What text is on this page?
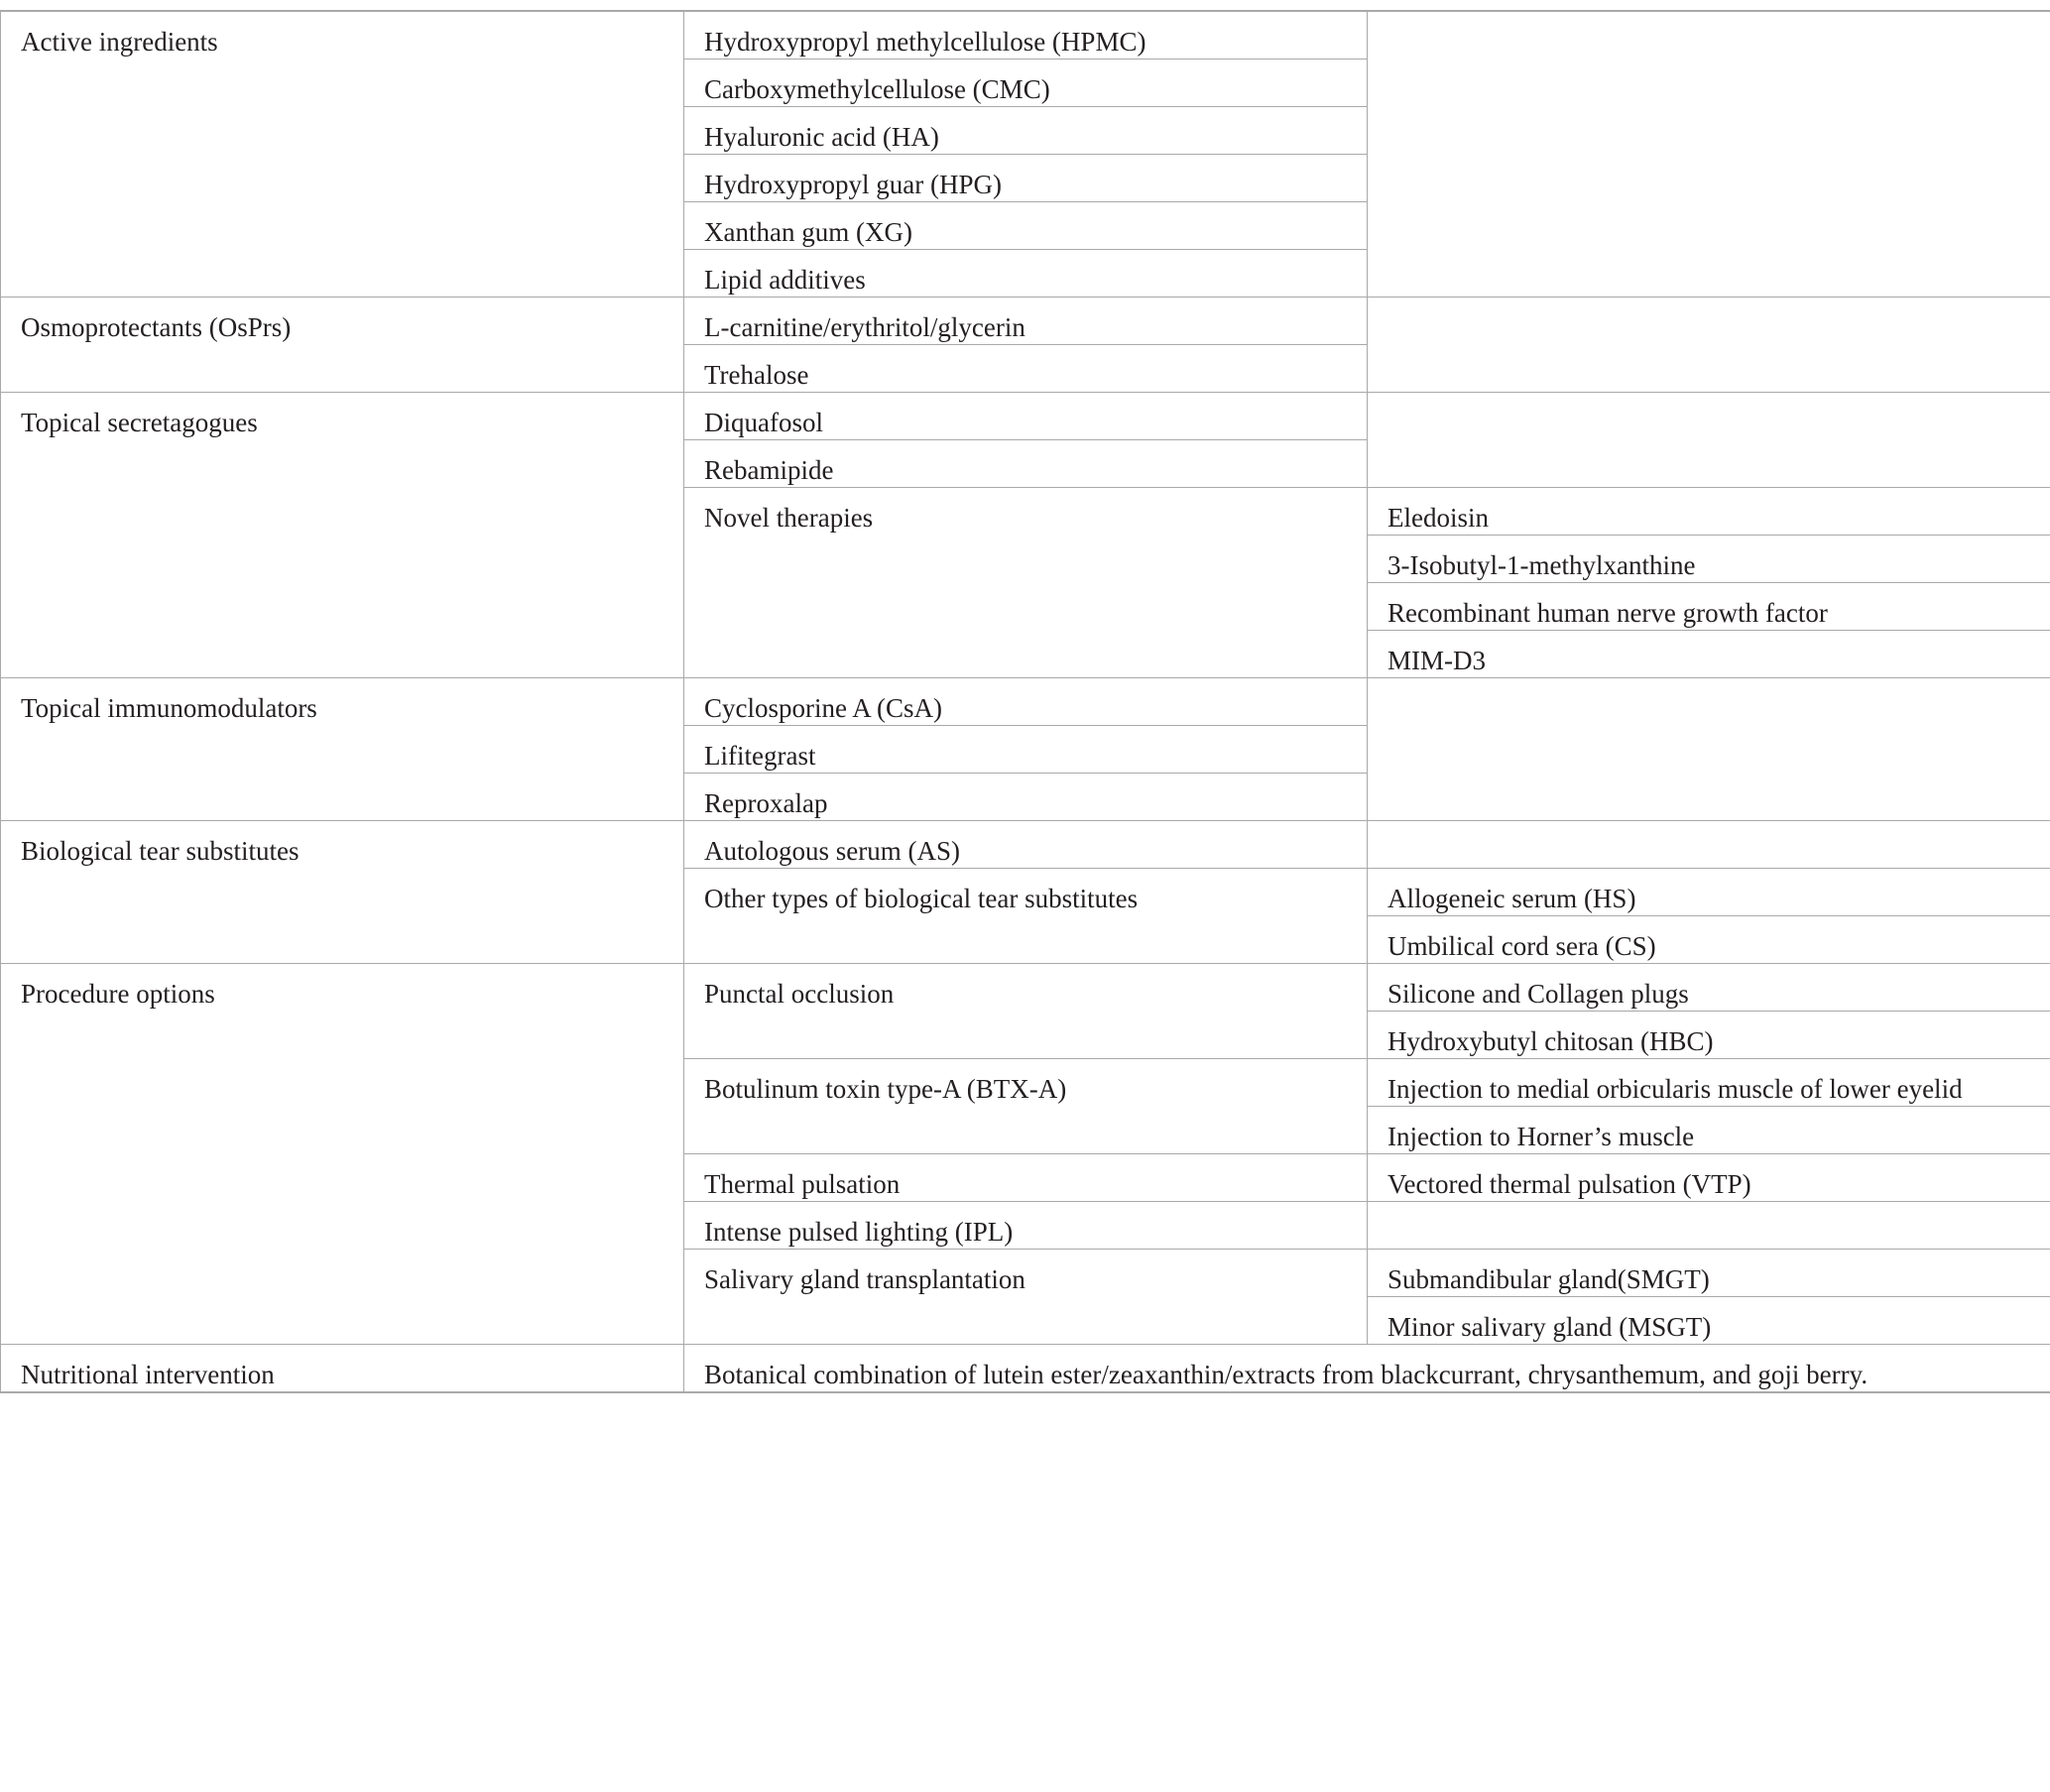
Active ingredients	Hydroxypropyl methylcellulose (HPMC)	
	Carboxymethylcellulose (CMC)	
	Hyaluronic acid (HA)	
	Hydroxypropyl guar (HPG)	
	Xanthan gum (XG)	
	Lipid additives	
Osmoprotectants (OsPrs)	L-carnitine/erythritol/glycerin	
	Trehalose	
Topical secretagogues	Diquafosol	
	Rebamipide	
	Novel therapies	Eledoisin
		3-Isobutyl-1-methylxanthine
		Recombinant human nerve growth factor
		MIM-D3
Topical immunomodulators	Cyclosporine A (CsA)	
	Lifitegrast	
	Reproxalap	
Biological tear substitutes	Autologous serum (AS)	
	Other types of biological tear substitutes	Allogeneic serum (HS)
		Umbilical cord sera (CS)
Procedure options	Punctal occlusion	Silicone and Collagen plugs
		Hydroxybutyl chitosan (HBC)
	Botulinum toxin type-A (BTX-A)	Injection to medial orbicularis muscle of lower eyelid
		Injection to Horner’s muscle
	Thermal pulsation	Vectored thermal pulsation (VTP)
	Intense pulsed lighting (IPL)	
	Salivary gland transplantation	Submandibular gland(SMGT)
		Minor salivary gland (MSGT)
Nutritional intervention	Botanical combination of lutein ester/zeaxanthin/extracts from blackcurrant, chrysanthemum, and goji berry.	
